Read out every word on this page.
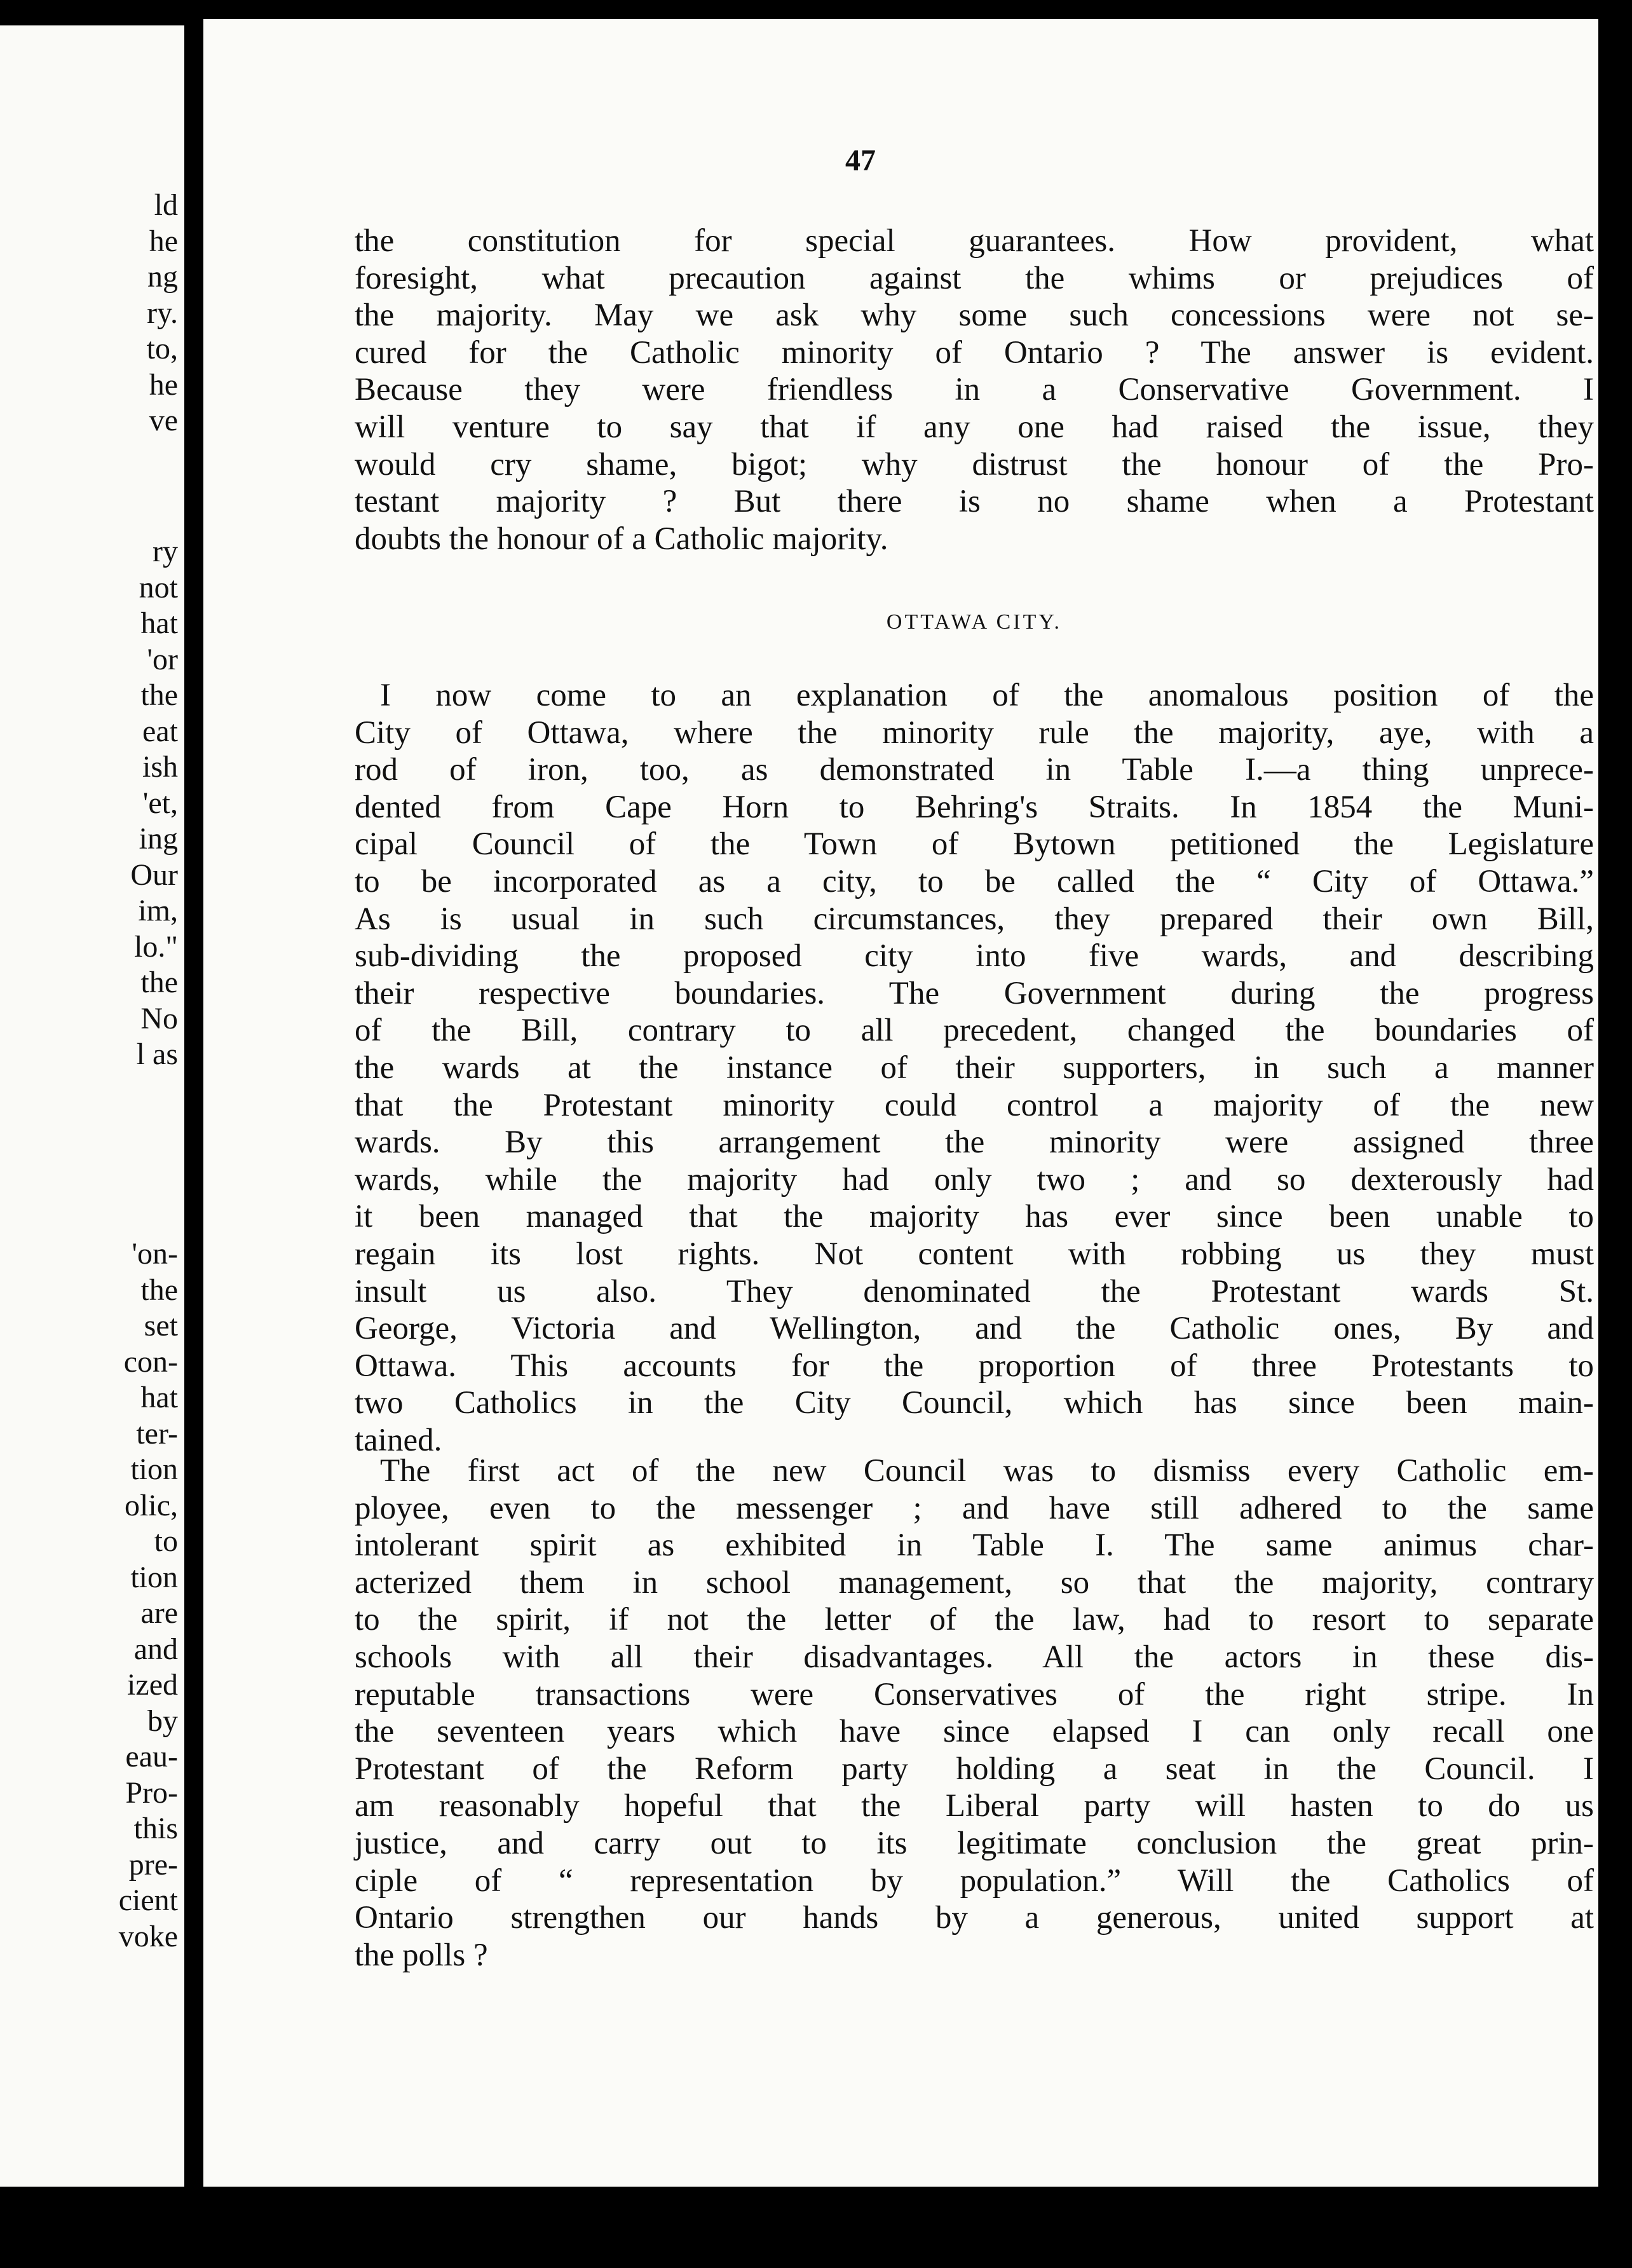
ld
he
ng
ry.
to,
he
ve
ry
not
hat
'or
the
eat
ish
'et,
ing
Our
im,
lo."
the
No
l as
'on-
the
set
con-
hat
ter-
tion
olic,
to
tion
are
and
ized
by
eau-
Pro-
this
pre-
cient
voke
47
the constitution for special guarantees. How provident, what
foresight, what precaution against the whims or prejudices of
the majority. May we ask why some such concessions were not se-
cured for the Catholic minority of Ontario ? The answer is evident.
Because they were friendless in a Conservative Government. I
will venture to say that if any one had raised the issue, they
would cry shame, bigot; why distrust the honour of the Pro-
testant majority ? But there is no shame when a Protestant
doubts the honour of a Catholic majority.
OTTAWA CITY.
I now come to an explanation of the anomalous position of the
City of Ottawa, where the minority rule the majority, aye, with a
rod of iron, too, as demonstrated in Table I.—a thing unprece-
dented from Cape Horn to Behring's Straits. In 1854 the Muni-
cipal Council of the Town of Bytown petitioned the Legislature
to be incorporated as a city, to be called the “ City of Ottawa.”
As is usual in such circumstances, they prepared their own Bill,
sub-dividing the proposed city into five wards, and describing
their respective boundaries. The Government during the progress
of the Bill, contrary to all precedent, changed the boundaries of
the wards at the instance of their supporters, in such a manner
that the Protestant minority could control a majority of the new
wards. By this arrangement the minority were assigned three
wards, while the majority had only two ; and so dexterously had
it been managed that the majority has ever since been unable to
regain its lost rights. Not content with robbing us they must
insult us also. They denominated the Protestant wards St.
George, Victoria and Wellington, and the Catholic ones, By and
Ottawa. This accounts for the proportion of three Protestants to
two Catholics in the City Council, which has since been main-
tained.
The first act of the new Council was to dismiss every Catholic em-
ployee, even to the messenger ; and have still adhered to the same
intolerant spirit as exhibited in Table I. The same animus char-
acterized them in school management, so that the majority, contrary
to the spirit, if not the letter of the law, had to resort to separate
schools with all their disadvantages. All the actors in these dis-
reputable transactions were Conservatives of the right stripe. In
the seventeen years which have since elapsed I can only recall one
Protestant of the Reform party holding a seat in the Council. I
am reasonably hopeful that the Liberal party will hasten to do us
justice, and carry out to its legitimate conclusion the great prin-
ciple of “ representation by population.” Will the Catholics of
Ontario strengthen our hands by a generous, united support at
the polls ?
